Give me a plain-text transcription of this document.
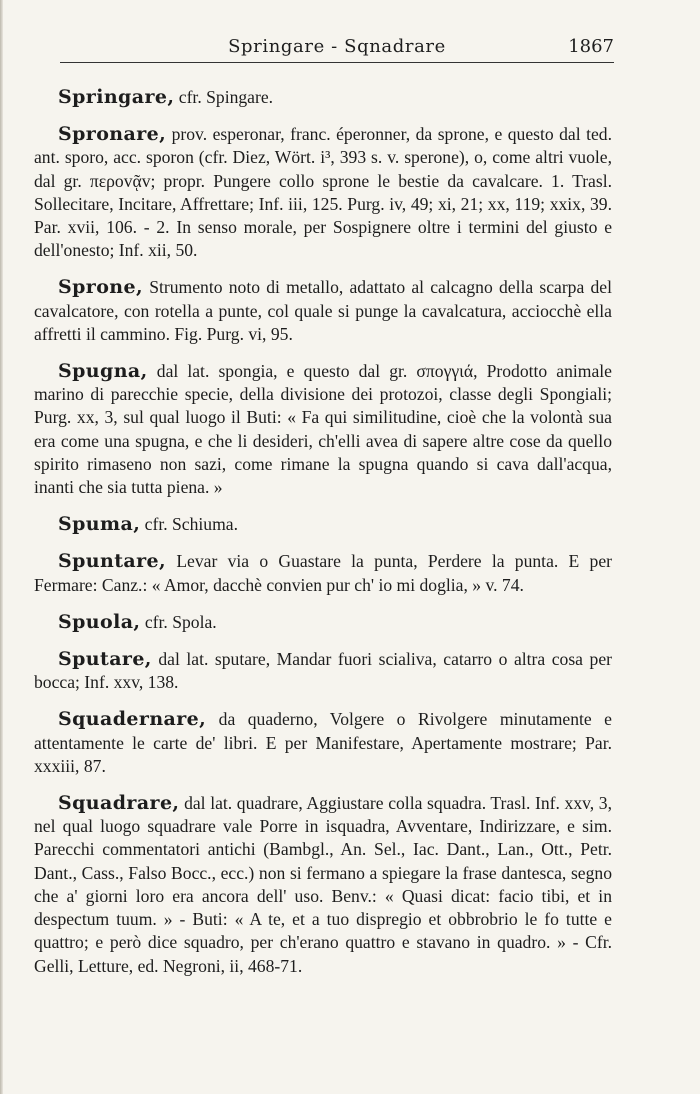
Springare - Sqnadrare	1867

Springare, cfr. Spingare.

Spronare, prov. esperonar, franc. éperonner, da sprone, e questo dal ted. ant. sporo, acc. sporon (cfr. Diez, Wört. i³, 393 s. v. sperone), o, come altri vuole, dal gr. περοvᾷv; propr. Pungere collo sprone le bestie da cavalcare. 1. Trasl. Sollecitare, Incitare, Affrettare; Inf. iii, 125. Purg. iv, 49; xi, 21; xx, 119; xxix, 39. Par. xvii, 106. - 2. In senso morale, per Sospignere oltre i termini del giusto e dell'onesto; Inf. xii, 50.

Sprone, Strumento noto di metallo, adattato al calcagno della scarpa del cavalcatore, con rotella a punte, col quale si punge la cavalcatura, acciocchè ella affretti il cammino. Fig. Purg. vi, 95.

Spugna, dal lat. spongia, e questo dal gr. σπογγιά, Prodotto animale marino di parecchie specie, della divisione dei protozoi, classe degli Spongiali; Purg. xx, 3, sul qual luogo il Buti: « Fa qui similitudine, cioè che la volontà sua era come una spugna, e che li desideri, ch'elli avea di sapere altre cose da quello spirito rimaseno non sazi, come rimane la spugna quando si cava dall'acqua, inanti che sia tutta piena. »

Spuma, cfr. Schiuma.

Spuntare, Levar via o Guastare la punta, Perdere la punta. E per Fermare: Canz.: « Amor, dacchè convien pur ch' io mi doglia, » v. 74.

Spuola, cfr. Spola.

Sputare, dal lat. sputare, Mandar fuori scialiva, catarro o altra cosa per bocca; Inf. xxv, 138.

Squadernare, da quaderno, Volgere o Rivolgere minutamente e attentamente le carte de' libri. E per Manifestare, Apertamente mostrare; Par. xxxiii, 87.

Squadrare, dal lat. quadrare, Aggiustare colla squadra. Trasl. Inf. xxv, 3, nel qual luogo squadrare vale Porre in isquadra, Avventare, Indirizzare, e sim. Parecchi commentatori antichi (Bambgl., An. Sel., Iac. Dant., Lan., Ott., Petr. Dant., Cass., Falso Bocc., ecc.) non si fermano a spiegare la frase dantesca, segno che a' giorni loro era ancora dell' uso. Benv.: « Quasi dicat: facio tibi, et in despectum tuum. » - Buti: « A te, et a tuo dispregio et obbrobrio le fo tutte e quattro; e però dice squadro, per ch'erano quattro e stavano in quadro. » - Cfr. Gelli, Letture, ed. Negroni, ii, 468-71.
